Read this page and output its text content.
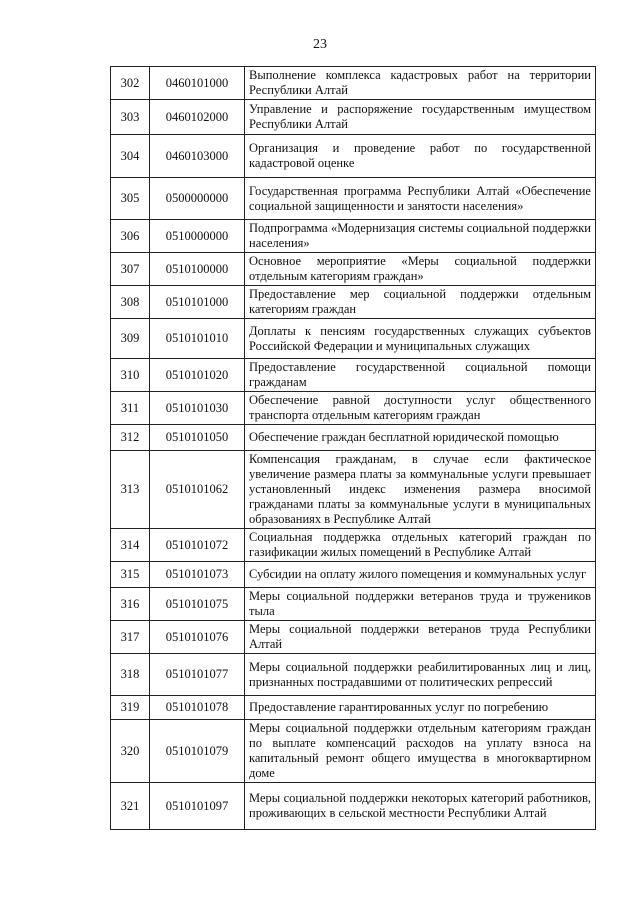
23
302	0460101000	Выполнение комплекса кадастровых работ на территории Республики Алтай
303	0460102000	Управление и распоряжение государственным имуществом Республики Алтай
304	0460103000	Организация и проведение работ по государственной кадастровой оценке
305	0500000000	Государственная программа Республики Алтай «Обеспечение социальной защищенности и занятости населения»
306	0510000000	Подпрограмма «Модернизация системы социальной поддержки населения»
307	0510100000	Основное мероприятие «Меры социальной поддержки отдельным категориям граждан»
308	0510101000	Предоставление мер социальной поддержки отдельным категориям граждан
309	0510101010	Доплаты к пенсиям государственных служащих субъектов Российской Федерации и муниципальных служащих
310	0510101020	Предоставление государственной социальной помощи гражданам
311	0510101030	Обеспечение равной доступности услуг общественного транспорта отдельным категориям граждан
312	0510101050	Обеспечение граждан бесплатной юридической помощью
313	0510101062	Компенсация гражданам, в случае если фактическое увеличение размера платы за коммунальные услуги превышает установленный индекс изменения размера вносимой гражданами платы за коммунальные услуги в муниципальных образованиях в Республике Алтай
314	0510101072	Социальная поддержка отдельных категорий граждан по газификации жилых помещений в Республике Алтай
315	0510101073	Субсидии на оплату жилого помещения и коммунальных услуг
316	0510101075	Меры социальной поддержки ветеранов труда и тружеников тыла
317	0510101076	Меры социальной поддержки ветеранов труда Республики Алтай
318	0510101077	Меры социальной поддержки реабилитированных лиц и лиц, признанных пострадавшими от политических репрессий
319	0510101078	Предоставление гарантированных услуг по погребению
320	0510101079	Меры социальной поддержки отдельным категориям граждан по выплате компенсаций расходов на уплату взноса на капитальный ремонт общего имущества в многоквартирном доме
321	0510101097	Меры социальной поддержки некоторых категорий работников, проживающих в сельской местности Республики Алтай
